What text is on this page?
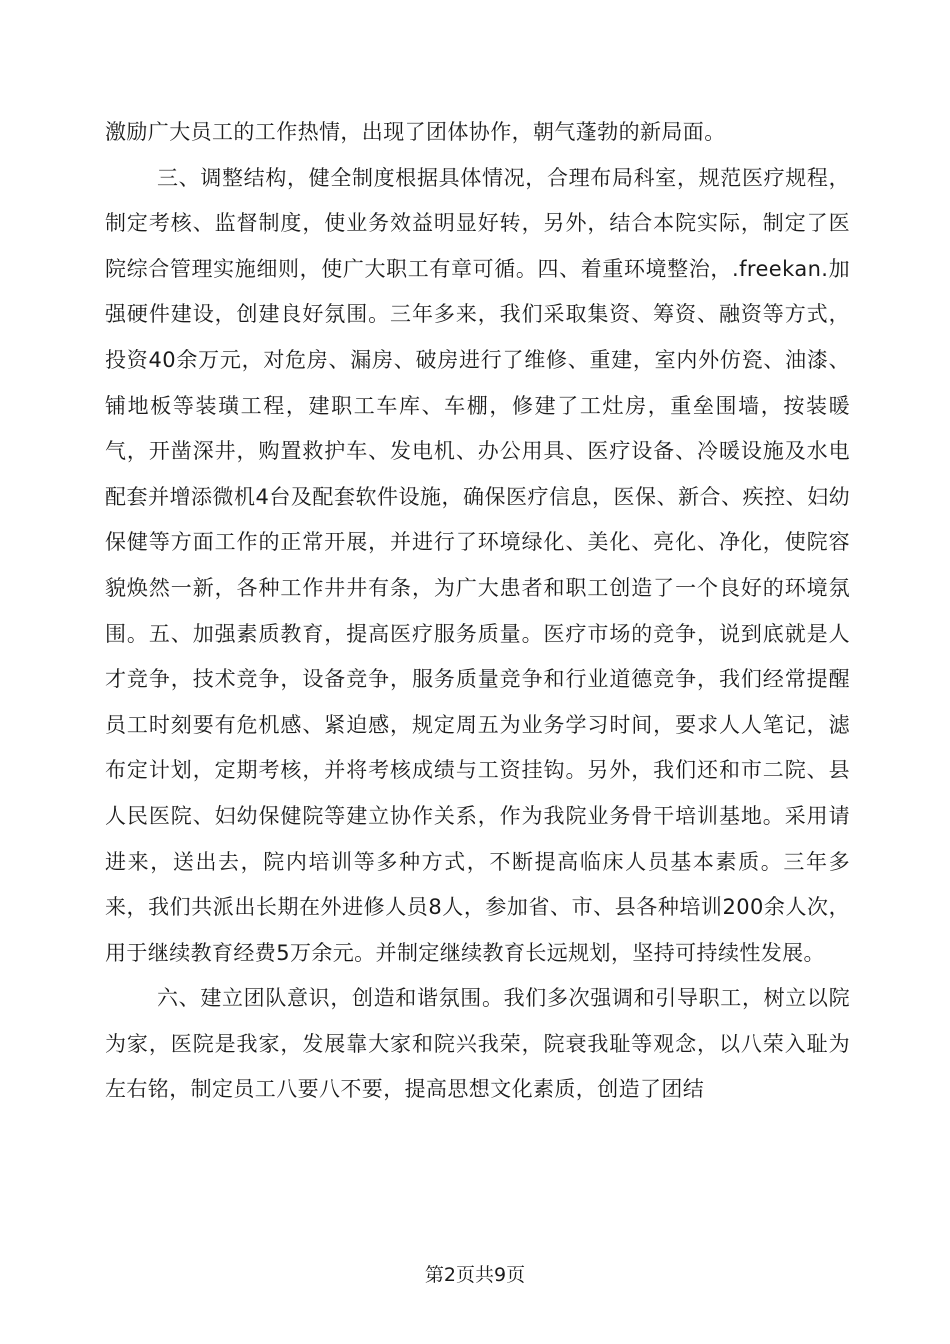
激励广大员工的工作热情，出现了团体协作，朝气蓬勃的新局面。

三、调整结构，健全制度根据具体情况，合理布局科室，规范医疗规程，制定考核、监督制度，使业务效益明显好转，另外，结合本院实际，制定了医院综合管理实施细则，使广大职工有章可循。四、着重环境整治，.freekan.加强硬件建设，创建良好氛围。三年多来，我们采取集资、筹资、融资等方式，投资40余万元，对危房、漏房、破房进行了维修、重建，室内外仿瓷、油漆、铺地板等装璜工程，建职工车库、车棚，修建了工灶房，重垒围墙，按装暖气，开凿深井，购置救护车、发电机、办公用具、医疗设备、冷暖设施及水电配套并增添微机4台及配套软件设施，确保医疗信息，医保、新合、疾控、妇幼保健等方面工作的正常开展，并进行了环境绿化、美化、亮化、净化，使院容貌焕然一新，各种工作井井有条，为广大患者和职工创造了一个良好的环境氛围。五、加强素质教育，提高医疗服务质量。医疗市场的竞争，说到底就是人才竞争，技术竞争，设备竞争，服务质量竞争和行业道德竞争，我们经常提醒员工时刻要有危机感、紧迫感，规定周五为业务学习时间，要求人人笔记，滤布定计划，定期考核，并将考核成绩与工资挂钩。另外，我们还和市二院、县人民医院、妇幼保健院等建立协作关系，作为我院业务骨干培训基地。采用请进来，送出去，院内培训等多种方式，不断提高临床人员基本素质。三年多来，我们共派出长期在外进修人员8人，参加省、市、县各种培训200余人次，用于继续教育经费5万余元。并制定继续教育长远规划，坚持可持续性发展。

六、建立团队意识，创造和谐氛围。我们多次强调和引导职工，树立以院为家，医院是我家，发展靠大家和院兴我荣，院衰我耻等观念，以八荣入耻为左右铭，制定员工八要八不要，提高思想文化素质，创造了团结

第2页共9页
